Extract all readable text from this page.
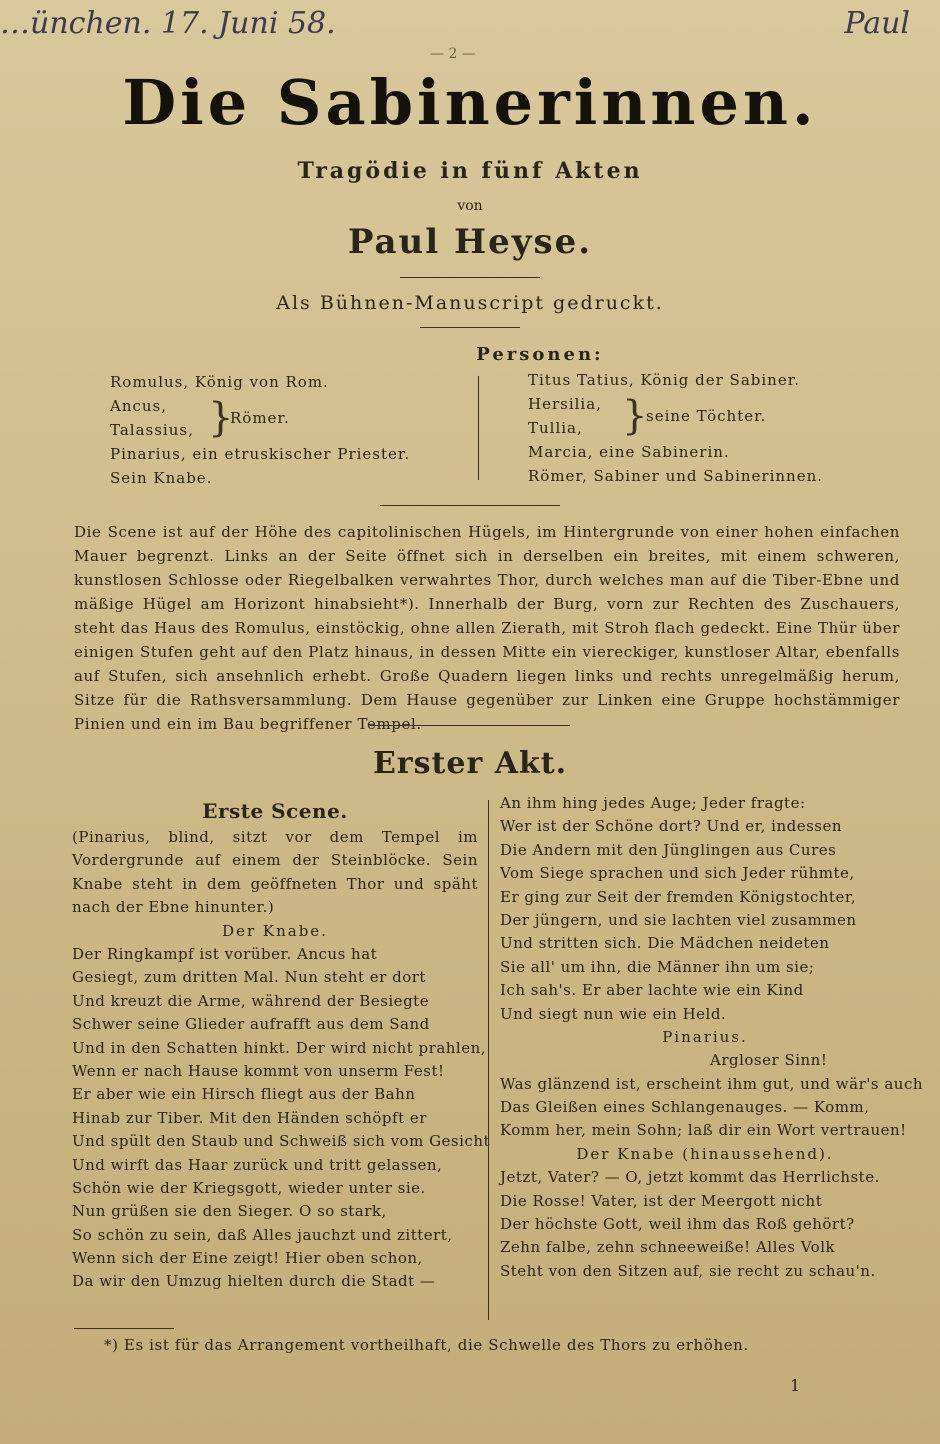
…ünchen. 17. Juni 58.	Paul
— 2 —
Die Sabinerinnen.
Tragödie in fünf Akten
von
Paul Heyse.
Als Bühnen-Manuscript gedruckt.
Personen:
Romulus, König von Rom.
Ancus,
Talassius, }
Römer.
Pinarius, ein etruskischer Priester.
Sein Knabe.
Titus Tatius, König der Sabiner.
Hersilia,
Tullia, }
seine Töchter.
Marcia, eine Sabinerin.
Römer, Sabiner und Sabinerinnen.
Die Scene ist auf der Höhe des capitolinischen Hügels, im Hintergrunde von einer hohen einfachen Mauer begrenzt. Links an der Seite öffnet sich in derselben ein breites, mit einem schweren, kunstlosen Schlosse oder Riegelbalken verwahrtes Thor, durch welches man auf die Tiber-Ebne und mäßige Hügel am Horizont hinabsieht*). Innerhalb der Burg, vorn zur Rechten des Zuschauers, steht das Haus des Romulus, einstöckig, ohne allen Zierath, mit Stroh flach gedeckt. Eine Thür über einigen Stufen geht auf den Platz hinaus, in dessen Mitte ein viereckiger, kunstloser Altar, ebenfalls auf Stufen, sich ansehnlich erhebt. Große Quadern liegen links und rechts unregelmäßig herum, Sitze für die Rathsversammlung. Dem Hause gegenüber zur Linken eine Gruppe hochstämmiger Pinien und ein im Bau begriffener Tempel.
Erster Akt.
Erste Scene.
(Pinarius, blind, sitzt vor dem Tempel im Vordergrunde auf einem der Steinblöcke. Sein Knabe steht in dem geöffneten Thor und späht nach der Ebne hinunter.)
Der Knabe.
Der Ringkampf ist vorüber. Ancus hat
Gesiegt, zum dritten Mal. Nun steht er dort
Und kreuzt die Arme, während der Besiegte
Schwer seine Glieder aufrafft aus dem Sand
Und in den Schatten hinkt. Der wird nicht prahlen,
Wenn er nach Hause kommt von unserm Fest!
Er aber wie ein Hirsch fliegt aus der Bahn
Hinab zur Tiber. Mit den Händen schöpft er
Und spült den Staub und Schweiß sich vom Gesicht
Und wirft das Haar zurück und tritt gelassen,
Schön wie der Kriegsgott, wieder unter sie.
Nun grüßen sie den Sieger. O so stark,
So schön zu sein, daß Alles jauchzt und zittert,
Wenn sich der Eine zeigt! Hier oben schon,
Da wir den Umzug hielten durch die Stadt —
An ihm hing jedes Auge; Jeder fragte:
Wer ist der Schöne dort? Und er, indessen
Die Andern mit den Jünglingen aus Cures
Vom Siege sprachen und sich Jeder rühmte,
Er ging zur Seit der fremden Königstochter,
Der jüngern, und sie lachten viel zusammen
Und stritten sich. Die Mädchen neideten
Sie all' um ihn, die Männer ihn um sie;
Ich sah's. Er aber lachte wie ein Kind
Und siegt nun wie ein Held.
Pinarius.
Argloser Sinn!
Was glänzend ist, erscheint ihm gut, und wär's auch
Das Gleißen eines Schlangenauges. — Komm,
Komm her, mein Sohn; laß dir ein Wort vertrauen!
Der Knabe (hinaussehend).
Jetzt, Vater? — O, jetzt kommt das Herrlichste.
Die Rosse! Vater, ist der Meergott nicht
Der höchste Gott, weil ihm das Roß gehört?
Zehn falbe, zehn schneeweiße! Alles Volk
Steht von den Sitzen auf, sie recht zu schau'n.
*) Es ist für das Arrangement vortheilhaft, die Schwelle des Thors zu erhöhen.
1
